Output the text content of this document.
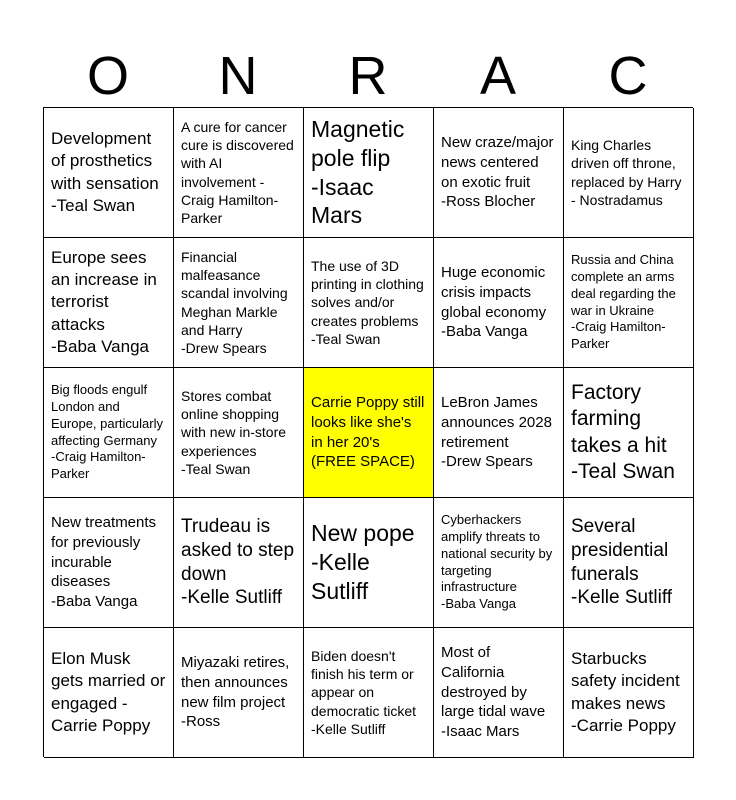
O	N	R	A	C
Development of prosthetics with sensation
-Teal Swan
A cure for cancer cure is discovered with AI involvement -Craig Hamilton-Parker
Magnetic pole flip
-Isaac Mars
New craze/major news centered on exotic fruit
-Ross Blocher
King Charles driven off throne, replaced by Harry - Nostradamus
Europe sees an increase in terrorist attacks
-Baba Vanga
Financial malfeasance scandal involving Meghan Markle and Harry
-Drew Spears
The use of 3D printing in clothing solves and/or creates problems
-Teal Swan
Huge economic crisis impacts global economy
-Baba Vanga
Russia and China complete an arms deal regarding the war in Ukraine
-Craig Hamilton-Parker
Big floods engulf London and Europe, particularly affecting Germany
-Craig Hamilton-Parker
Stores combat online shopping with new in-store experiences
-Teal Swan
Carrie Poppy still looks like she's in her 20's
(FREE SPACE)
LeBron James announces 2028 retirement
-Drew Spears
Factory farming takes a hit
-Teal Swan
New treatments for previously incurable diseases
-Baba Vanga
Trudeau is asked to step down
-Kelle Sutliff
New pope
-Kelle Sutliff
Cyberhackers amplify threats to national security by targeting infrastructure
-Baba Vanga
Several presidential funerals
-Kelle Sutliff
Elon Musk gets married or engaged - Carrie Poppy
Miyazaki retires, then announces new film project
-Ross
Biden doesn't finish his term or appear on democratic ticket
-Kelle Sutliff
Most of California destroyed by large tidal wave
-Isaac Mars
Starbucks safety incident makes news
-Carrie Poppy
